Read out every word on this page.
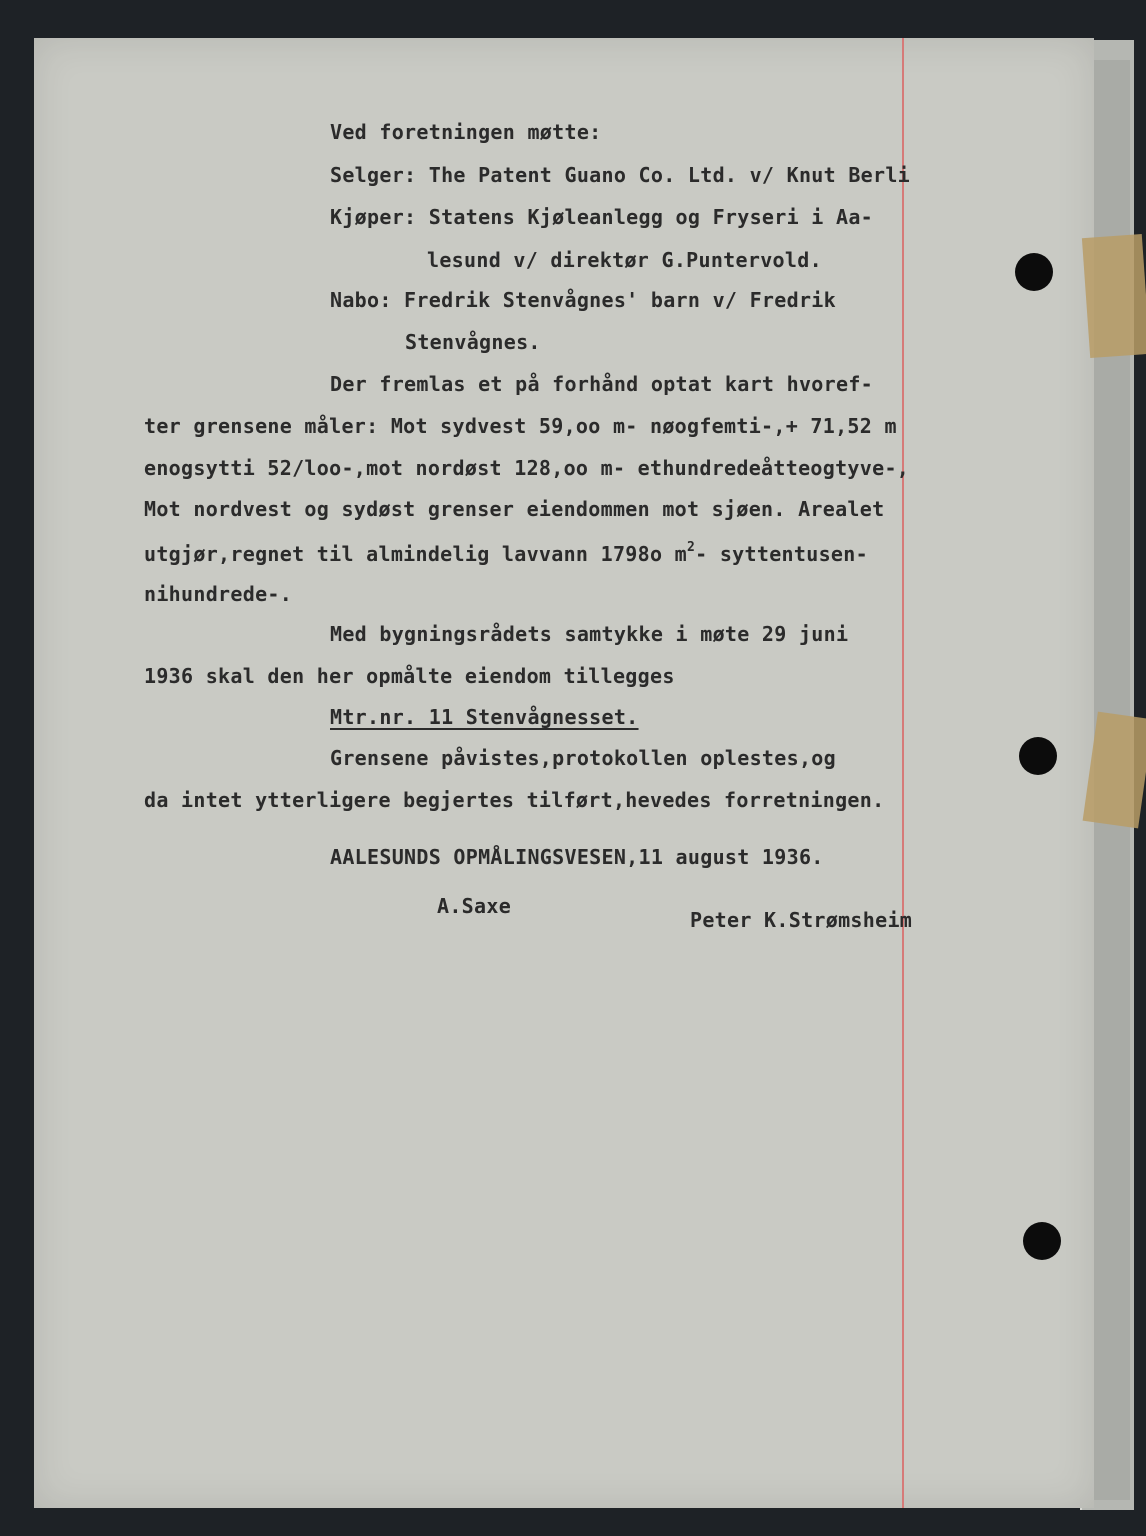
Ved foretningen møtte:
Selger: The Patent Guano Co. Ltd. v/ Knut Berli
Kjøper: Statens Kjøleanlegg og Fryseri i Aa-
lesund v/ direktør G.Puntervold.
Nabo: Fredrik Stenvågnes' barn v/ Fredrik
Stenvågnes.
Der fremlas et på forhånd optat kart hvoref-
ter grensene måler: Mot sydvest 59,oo m- nøogfemti-,+ 71,52 m
enogsytti 52/loo-,mot nordøst 128,oo m- ethundredeåtteogtyve-,
Mot nordvest og sydøst grenser eiendommen mot sjøen. Arealet
utgjør,regnet til almindelig lavvann 1798o $m^2-$ syttentusen-
nihundrede-.
Med bygningsrådets samtykke i møte 29 juni
1936 skal den her opmålte eiendom tillegges
Mtr.nr. 11 Stenvågnesset.
Grensene påvistes,protokollen oplestes,og
da intet ytterligere begjertes tilført,hevedes forretningen.
AALESUNDS OPMÅLINGSVESEN,11 august 1936.
A.Saxe
Peter K.Strømsheim
